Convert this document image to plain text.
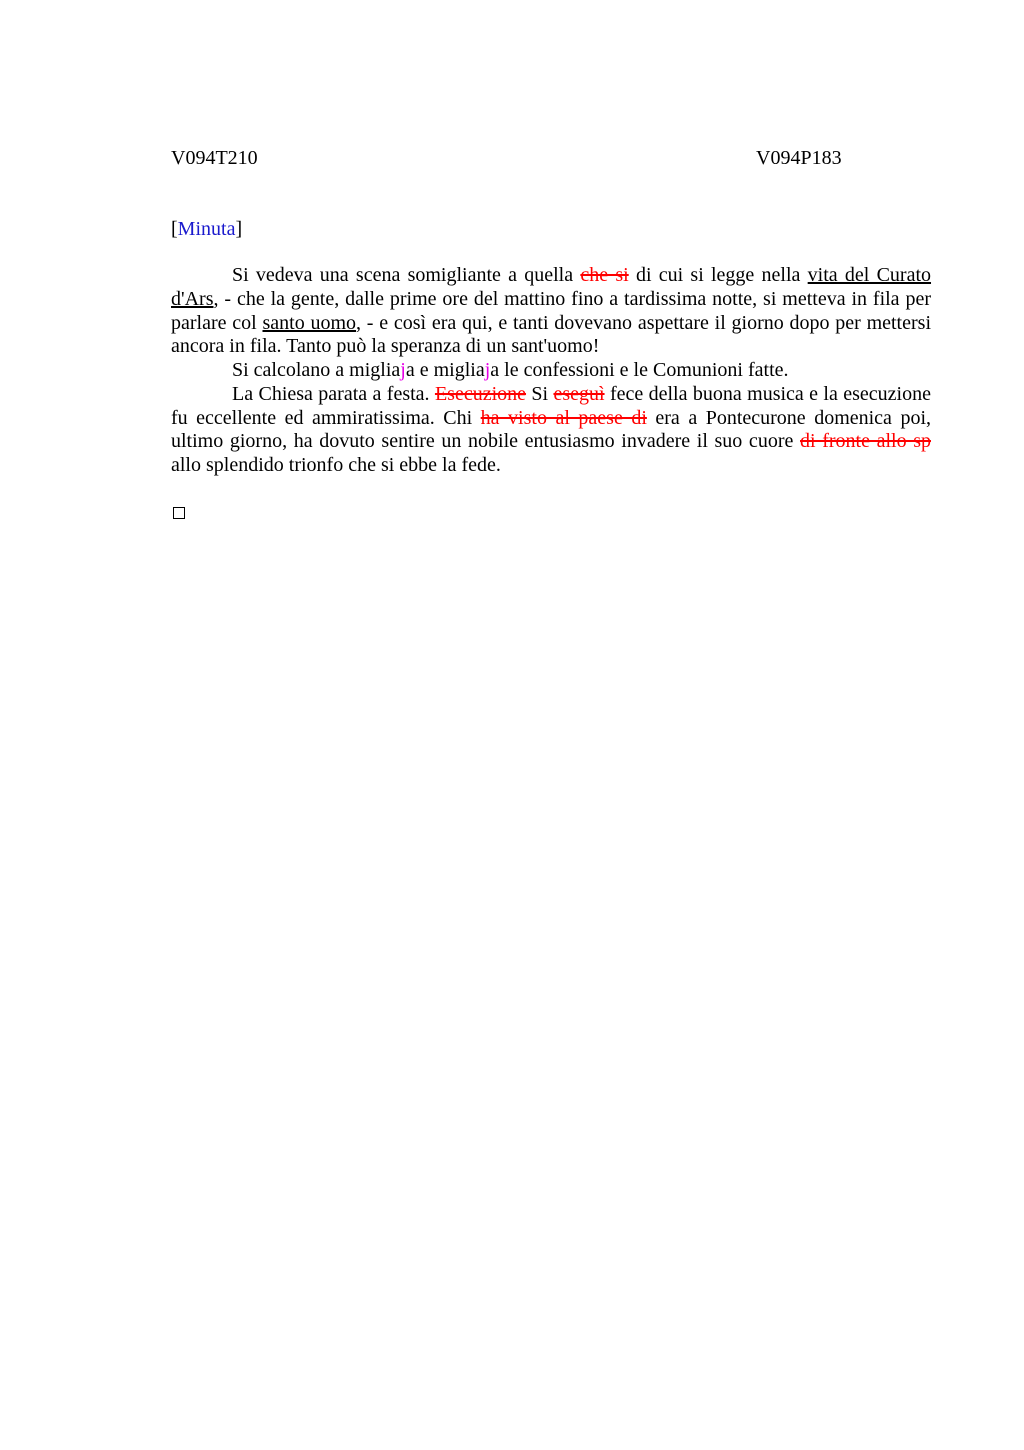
V094T210	V094P183
[Minuta]

Si vedeva una scena somigliante a quella che si di cui si legge nella vita del Curato d'Ars, - che la gente, dalle prime ore del mattino fino a tardissima notte, si metteva in fila per parlare col santo uomo, - e così era qui, e tanti dovevano aspettare il giorno dopo per mettersi ancora in fila. Tanto può la speranza di un sant'uomo!

Si calcolano a migliaja e migliaja le confessioni e le Comunioni fatte.

La Chiesa parata a festa. Esecuzione Si eseguì fece della buona musica e la esecuzione fu eccellente ed ammiratissima. Chi ha visto al paese di era a Pontecurone domenica poi, ultimo giorno, ha dovuto sentire un nobile entusiasmo invadere il suo cuore di fronte allo sp allo splendido trionfo che si ebbe la fede.
